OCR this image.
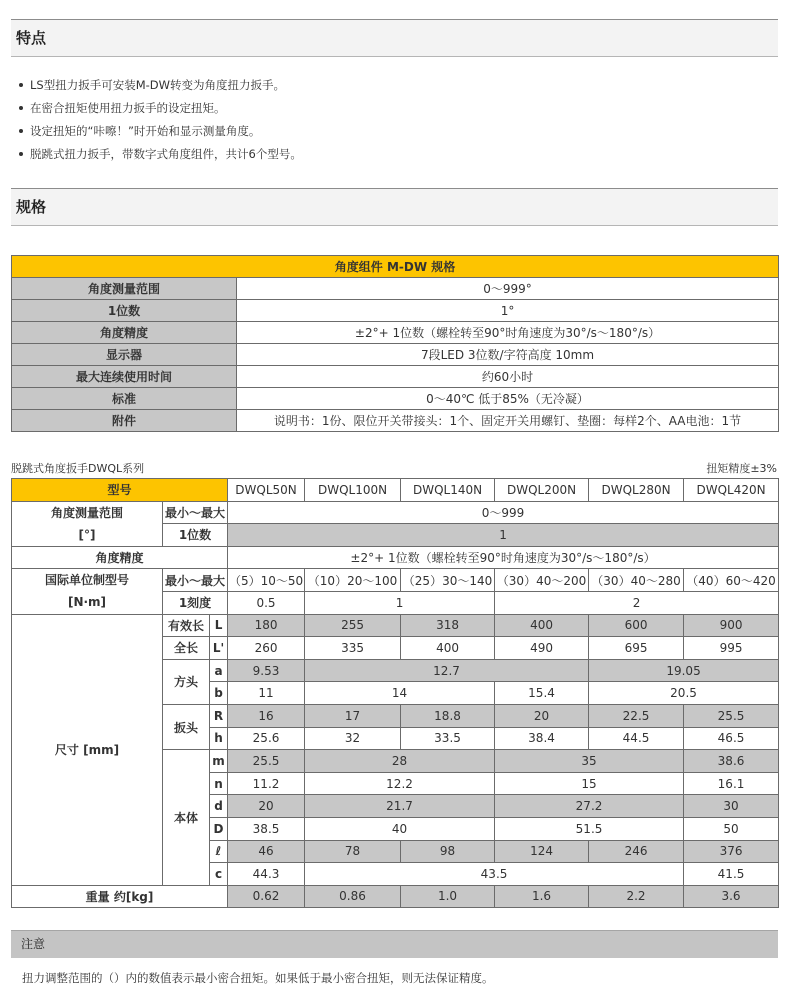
特点
LS型扭力扳手可安装M-DW转变为角度扭力扳手。
在密合扭矩使用扭力扳手的设定扭矩。
设定扭矩的“咔嚓！”时开始和显示测量角度。
脱跳式扭力扳手，带数字式角度组件，共计6个型号。
规格
角度组件 M-DW 规格	
角度测量范围	0～999°
1位数	1°
角度精度	±2°+ 1位数（螺栓转至90°时角速度为30°/s～180°/s）
显示器	7段LED 3位数/字符高度 10mm
最大连续使用时间	约60小时
标准	0～40℃ 低于85%（无冷凝）
附件	说明书：1份、限位开关带接头：1个、固定开关用螺钉、垫圈：每样2个、AA电池：1节
脱跳式角度扳手DWQL系列	扭矩精度±3%
型号			DWQL50N	DWQL100N	DWQL140N	DWQL200N	DWQL280N	DWQL420N

角度测量范围
[°]	最小～最大		0～999					
	1位数		1					
角度精度			±2°+ 1位数（螺栓转至90°时角速度为30°/s～180°/s）					

国际单位制型号
[N·m]	最小～最大		（5）10～50	（10）20～100	（25）30～140	（30）40～200	（30）40～280	（40）60～420
	1刻度		0.5	1		2		
尺寸 [mm]	有效长	L	180	255	318	400	600	900
	全长	L'	260	335	400	490	695	995
	方头	a	9.53	12.7			19.05	
		b	11	14		15.4	20.5	
	扳头	R	16	17	18.8	20	22.5	25.5
		h	25.6	32	33.5	38.4	44.5	46.5
	本体	m	25.5	28		35		38.6
		n	11.2	12.2		15		16.1
		d	20	21.7		27.2		30
		D	38.5	40		51.5		50
		ℓ	46	78	98	124	246	376
		c	44.3	43.5				41.5
重量 约[kg]			0.62	0.86	1.0	1.6	2.2	3.6
注意
扭力调整范围的（）内的数值表示最小密合扭矩。如果低于最小密合扭矩，则无法保证精度。
